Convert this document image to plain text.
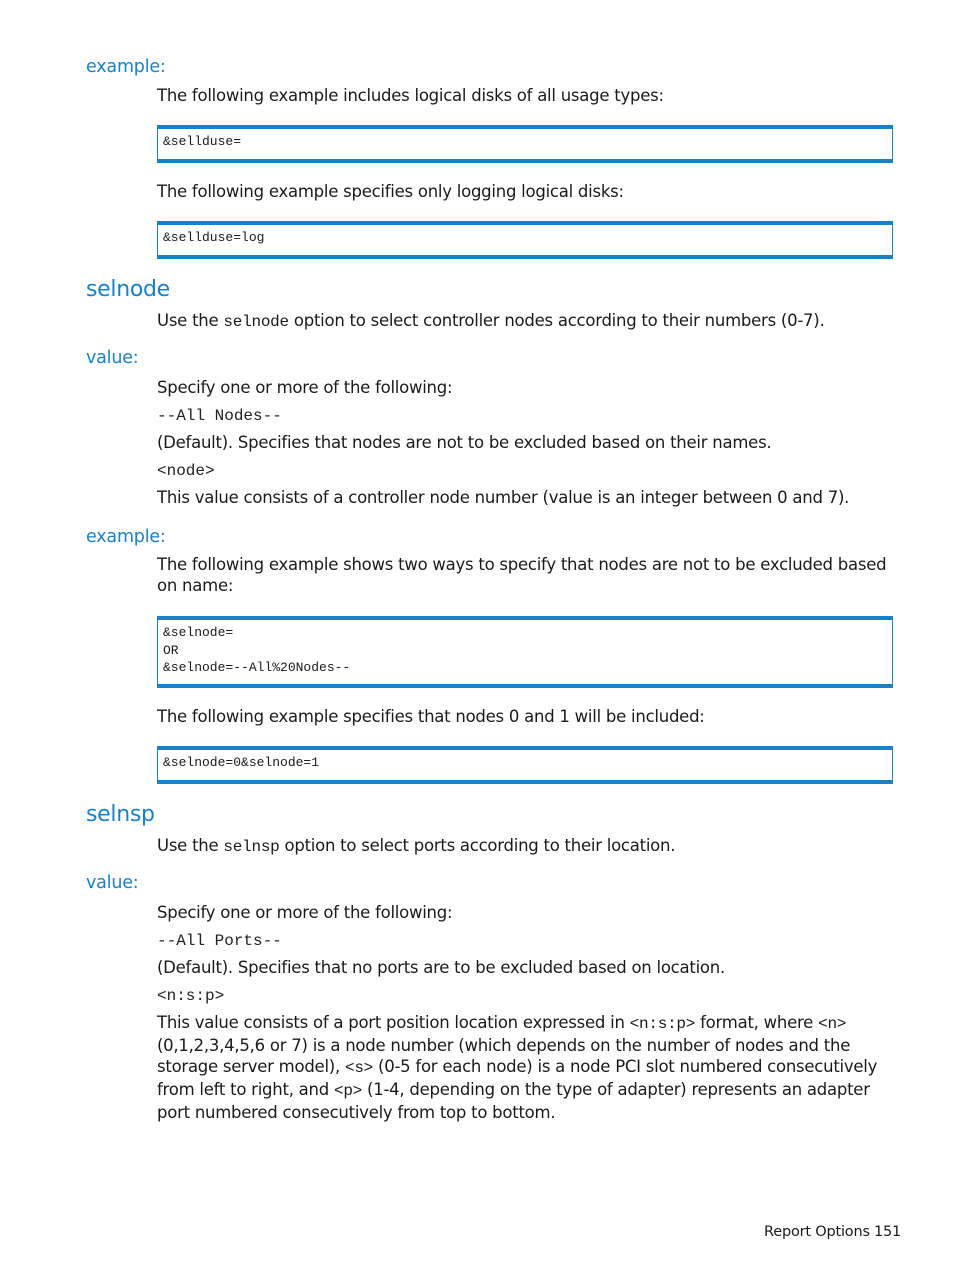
example:
The following example includes logical disks of all usage types:
&sellduse=
The following example specifies only logging logical disks:
&sellduse=log
selnode
Use the selnode option to select controller nodes according to their numbers (0-7).
value:
Specify one or more of the following:
--All Nodes--
(Default). Specifies that nodes are not to be excluded based on their names.
<node>
This value consists of a controller node number (value is an integer between 0 and 7).
example:
The following example shows two ways to specify that nodes are not to be excluded based on name:
&selnode=
OR
&selnode=--All%20Nodes--
The following example specifies that nodes 0 and 1 will be included:
&selnode=0&selnode=1
selnsp
Use the selnsp option to select ports according to their location.
value:
Specify one or more of the following:
--All Ports--
(Default). Specifies that no ports are to be excluded based on location.
<n:s:p>
This value consists of a port position location expressed in <n:s:p> format, where <n> (0,1,2,3,4,5,6 or 7) is a node number (which depends on the number of nodes and the storage server model), <s> (0-5 for each node) is a node PCI slot numbered consecutively from left to right, and <p> (1-4, depending on the type of adapter) represents an adapter port numbered consecutively from top to bottom.
Report Options 151
